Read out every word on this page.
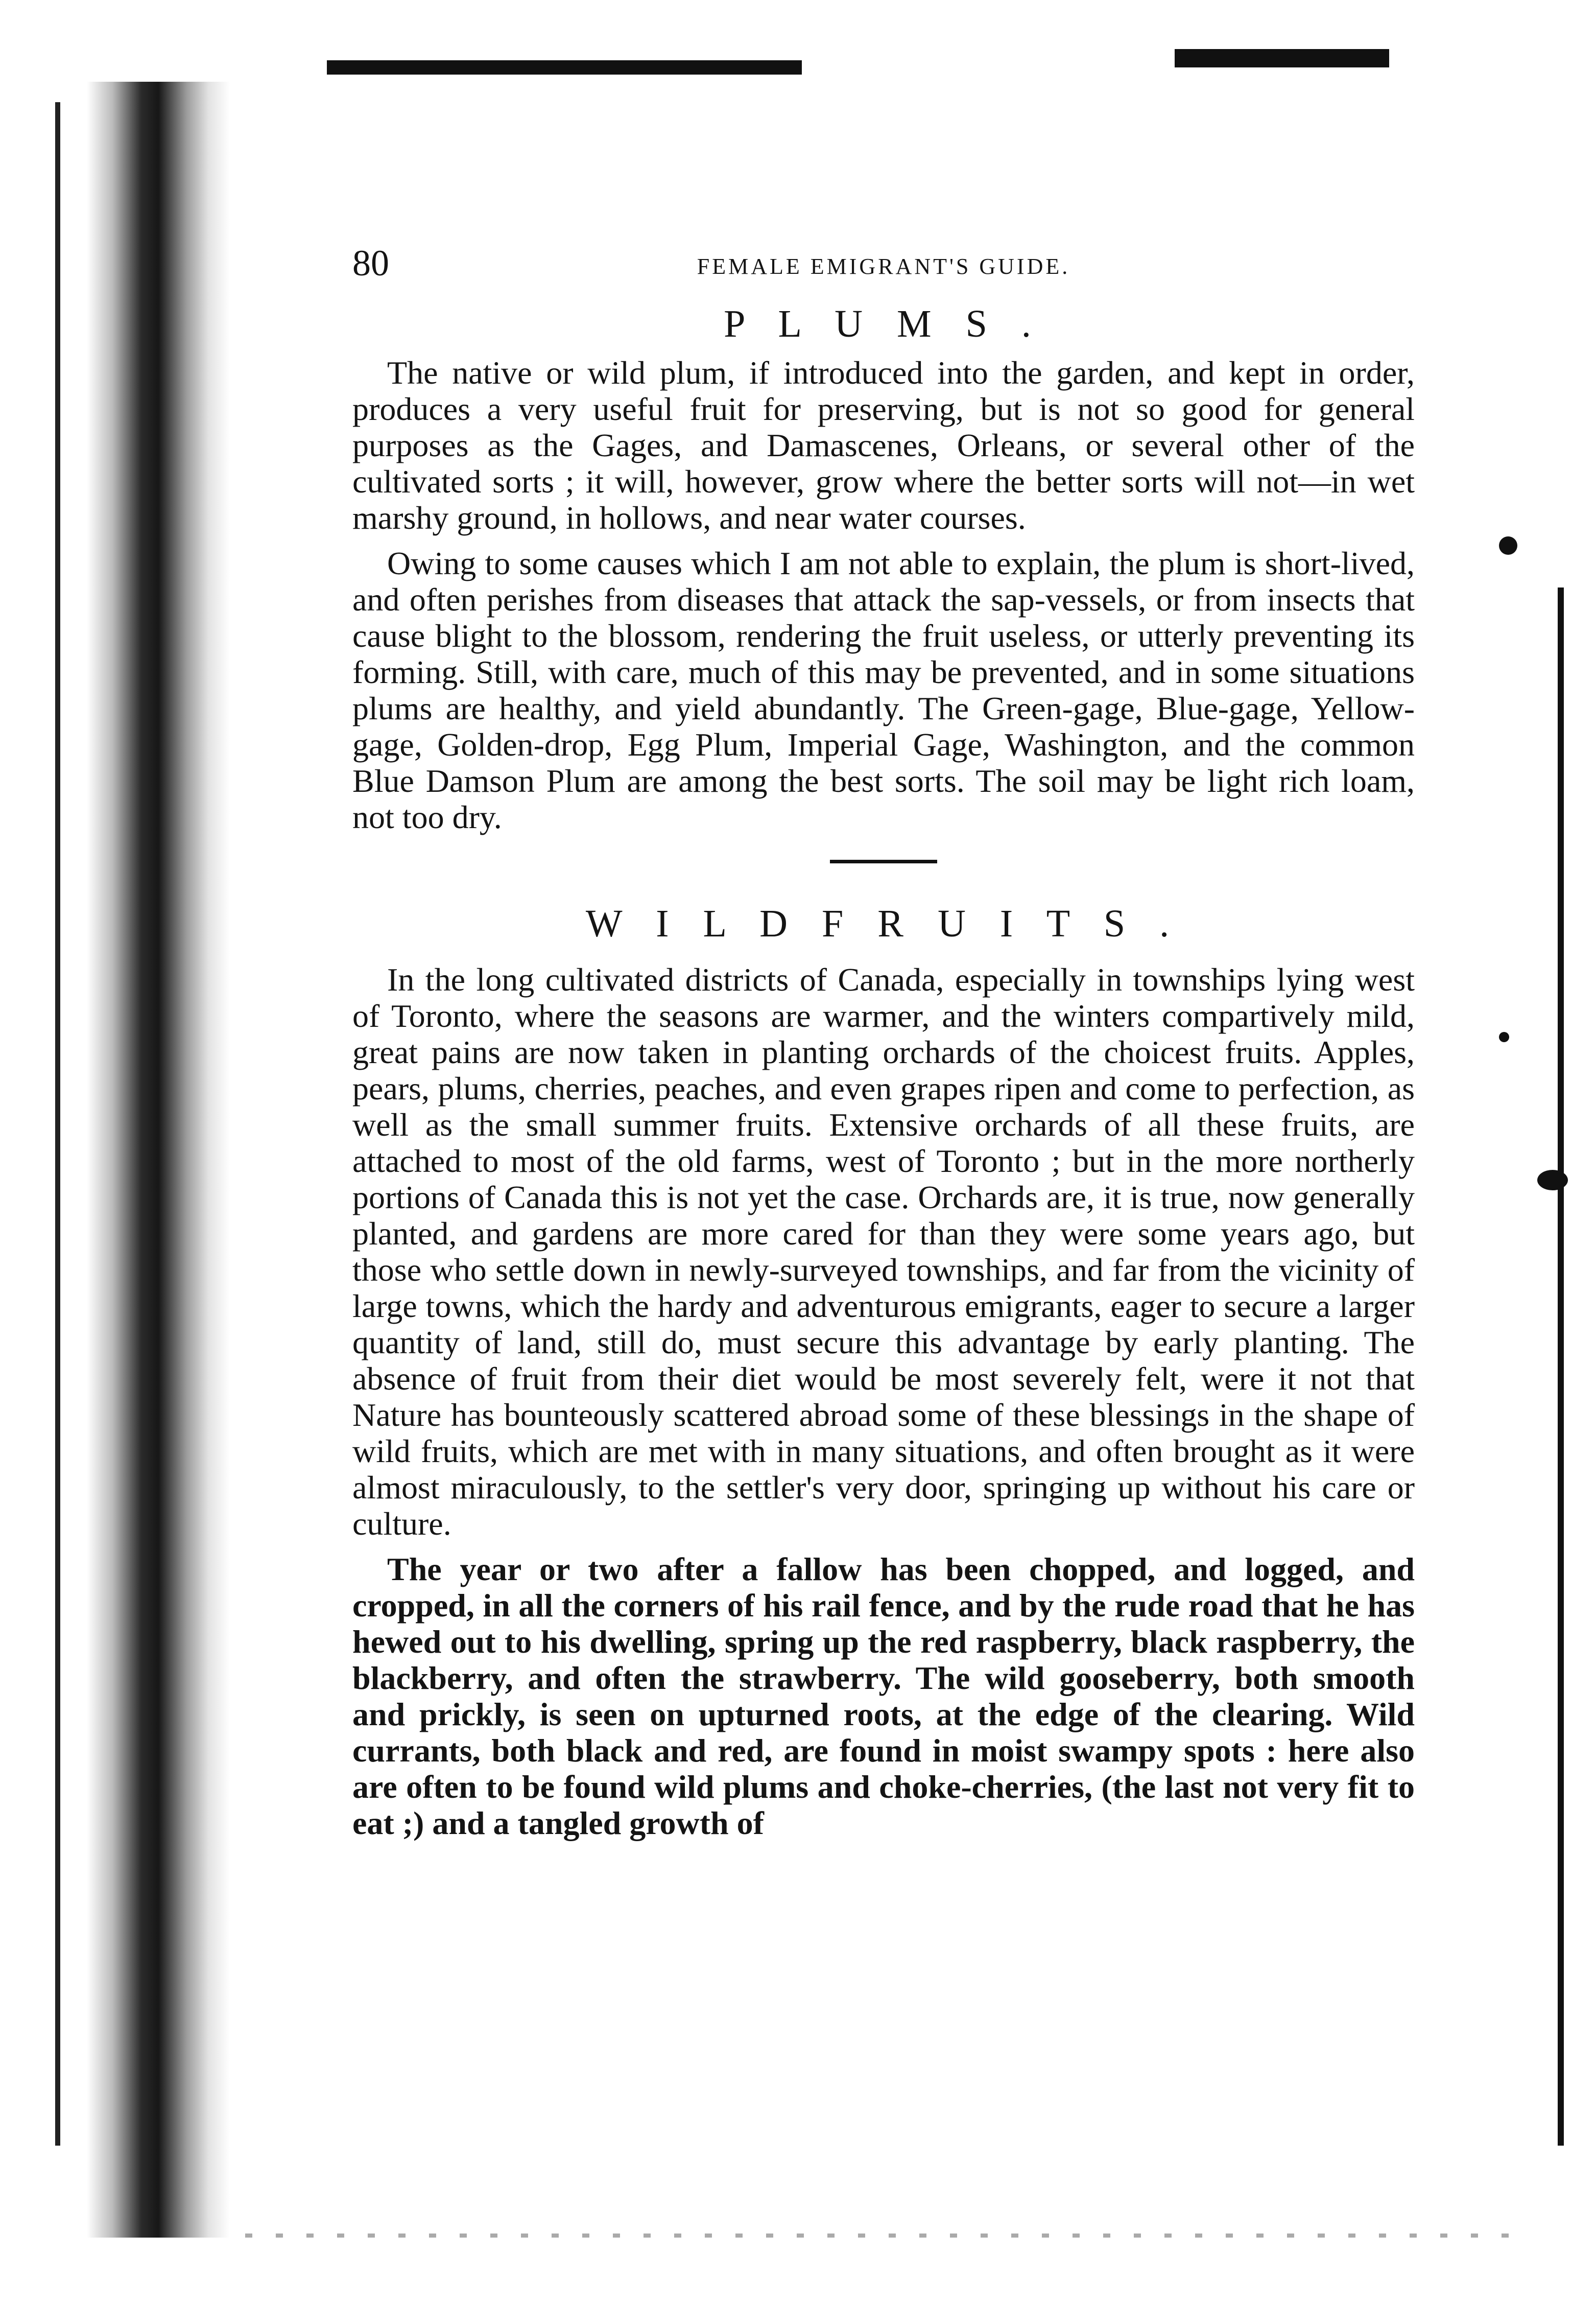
80	FEMALE EMIGRANT'S GUIDE.
P L U M S .

The native or wild plum, if introduced into the garden, and kept in order, produces a very useful fruit for preserving, but is not so good for general purposes as the Gages, and Damascenes, Orleans, or several other of the cultivated sorts ; it will, however, grow where the better sorts will not—in wet marshy ground, in hollows, and near water courses.

Owing to some causes which I am not able to explain, the plum is short-lived, and often perishes from diseases that attack the sap-vessels, or from insects that cause blight to the blossom, rendering the fruit useless, or utterly preventing its forming. Still, with care, much of this may be prevented, and in some situations plums are healthy, and yield abundantly. The Green-gage, Blue-gage, Yellow-gage, Golden-drop, Egg Plum, Imperial Gage, Washington, and the common Blue Damson Plum are among the best sorts. The soil may be light rich loam, not too dry.

W I L D F R U I T S .

In the long cultivated districts of Canada, especially in townships lying west of Toronto, where the seasons are warmer, and the winters compartively mild, great pains are now taken in planting orchards of the choicest fruits. Apples, pears, plums, cherries, peaches, and even grapes ripen and come to perfection, as well as the small summer fruits. Extensive orchards of all these fruits, are attached to most of the old farms, west of Toronto ; but in the more northerly portions of Canada this is not yet the case. Orchards are, it is true, now generally planted, and gardens are more cared for than they were some years ago, but those who settle down in newly-surveyed townships, and far from the vicinity of large towns, which the hardy and adventurous emigrants, eager to secure a larger quantity of land, still do, must secure this advantage by early planting. The absence of fruit from their diet would be most severely felt, were it not that Nature has bounteously scattered abroad some of these blessings in the shape of wild fruits, which are met with in many situations, and often brought as it were almost miraculously, to the settler's very door, springing up without his care or culture.

The year or two after a fallow has been chopped, and logged, and cropped, in all the corners of his rail fence, and by the rude road that he has hewed out to his dwelling, spring up the red raspberry, black raspberry, the blackberry, and often the strawberry. The wild gooseberry, both smooth and prickly, is seen on upturned roots, at the edge of the clearing. Wild currants, both black and red, are found in moist swampy spots : here also are often to be found wild plums and choke-cherries, (the last not very fit to eat ;) and a tangled growth of
